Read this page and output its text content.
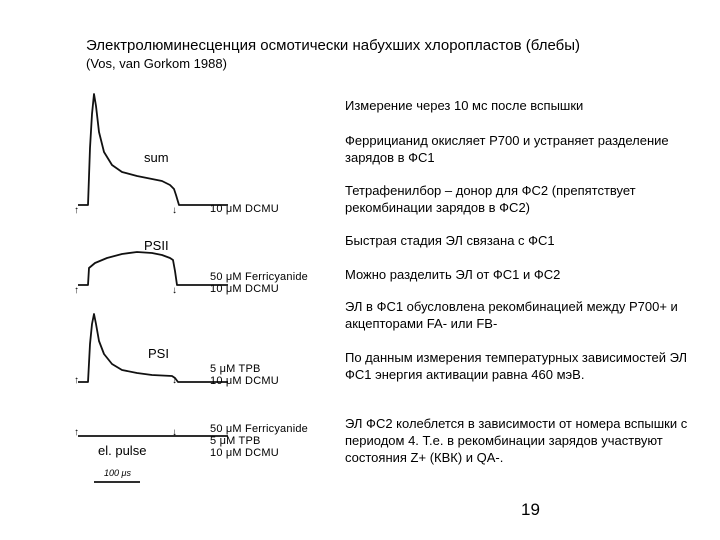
Электролюминесценция осмотически набухших хлоропластов (блебы)
(Vos, van Gorkom 1988)
Измерение через 10 мс после вспышки
Феррицианид окисляет P700 и устраняет разделение зарядов в ФС1
Тетрафенилбор – донор для ФС2 (препятствует рекомбинации зарядов в ФС2)
Быстрая стадия ЭЛ связана с ФС1
Можно разделить ЭЛ от ФС1 и ФС2
ЭЛ в ФС1 обусловлена рекомбинацией между P700+ и акцепторами FA- или FB-
По данным измерения температурных зависимостей ЭЛ ФС1 энергия активации равна 460 мэВ.
ЭЛ ФС2 колеблется в зависимости от номера вспышки с периодом 4. Т.е. в рекомбинации зарядов участвуют состояния Z+ (КВК) и QA-.
19
↑	↓
↑	↓
↑	↓
↑	↓
sum
PSII
PSI
el. pulse
10 μM DCMU
50 μM Ferricyanide
10 μM DCMU
5 μM TPB
10 μM DCMU
50 μM Ferricyanide
5 μM TPB
10 μM DCMU
100 μs
